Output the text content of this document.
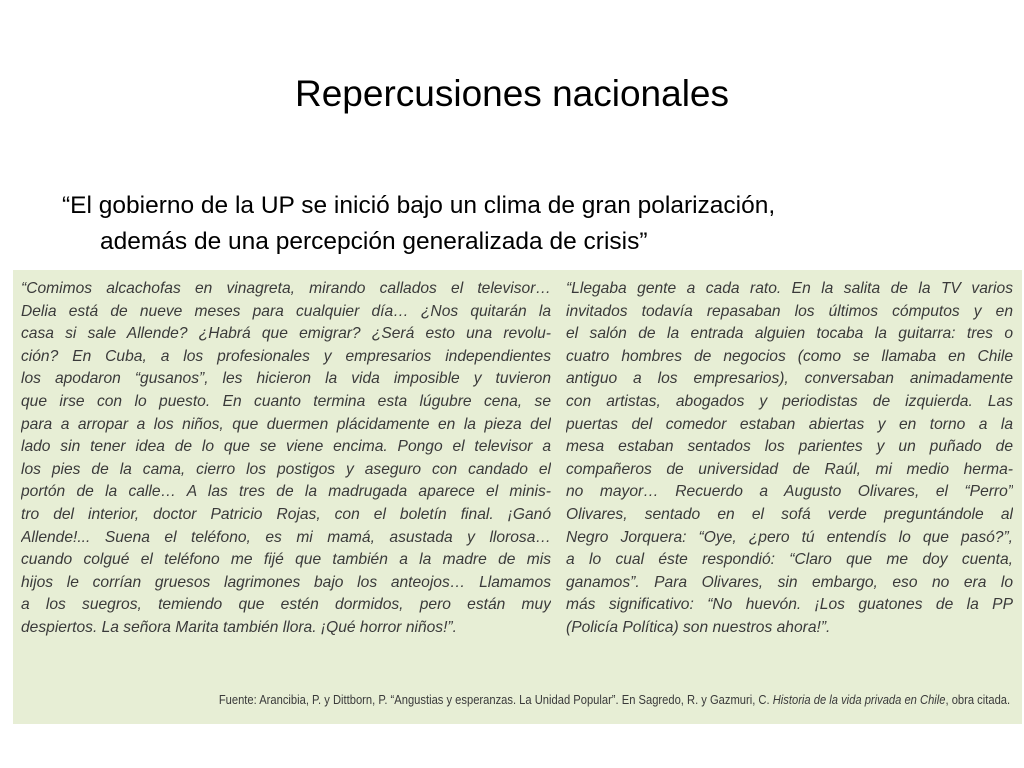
Repercusiones nacionales
“El gobierno de la UP se inició bajo un clima de gran polarización,
además de una percepción generalizada de crisis”
“Comimos alcachofas en vinagreta, mirando callados el televisor…
Delia está de nueve meses para cualquier día… ¿Nos quitarán la
casa si sale Allende? ¿Habrá que emigrar? ¿Será esto una revolu-
ción? En Cuba, a los profesionales y empresarios independientes
los apodaron “gusanos”, les hicieron la vida imposible y tuvieron
que irse con lo puesto. En cuanto termina esta lúgubre cena, se
para a arropar a los niños, que duermen plácidamente en la pieza del
lado sin tener idea de lo que se viene encima. Pongo el televisor a
los pies de la cama, cierro los postigos y aseguro con candado el
portón de la calle… A las tres de la madrugada aparece el minis-
tro del interior, doctor Patricio Rojas, con el boletín final. ¡Ganó
Allende!... Suena el teléfono, es mi mamá, asustada y llorosa…
cuando colgué el teléfono me fijé que también a la madre de mis
hijos le corrían gruesos lagrimones bajo los anteojos… Llamamos
a los suegros, temiendo que estén dormidos, pero están muy
despiertos. La señora Marita también llora. ¡Qué horror niños!”.
“Llegaba gente a cada rato. En la salita de la TV varios
invitados todavía repasaban los últimos cómputos y en
el salón de la entrada alguien tocaba la guitarra: tres o
cuatro hombres de negocios (como se llamaba en Chile
antiguo a los empresarios), conversaban animadamente
con artistas, abogados y periodistas de izquierda. Las
puertas del comedor estaban abiertas y en torno a la
mesa estaban sentados los parientes y un puñado de
compañeros de universidad de Raúl, mi medio herma-
no mayor… Recuerdo a Augusto Olivares, el “Perro”
Olivares, sentado en el sofá verde preguntándole al
Negro Jorquera: “Oye, ¿pero tú entendís lo que pasó?”,
a lo cual éste respondió: “Claro que me doy cuenta,
ganamos”. Para Olivares, sin embargo, eso no era lo
más significativo: “No huevón. ¡Los guatones de la PP
(Policía Política) son nuestros ahora!”.
Fuente: Arancibia, P. y Dittborn, P. “Angustias y esperanzas. La Unidad Popular”. En Sagredo, R. y Gazmuri, C. Historia de la vida privada en Chile, obra citada.
